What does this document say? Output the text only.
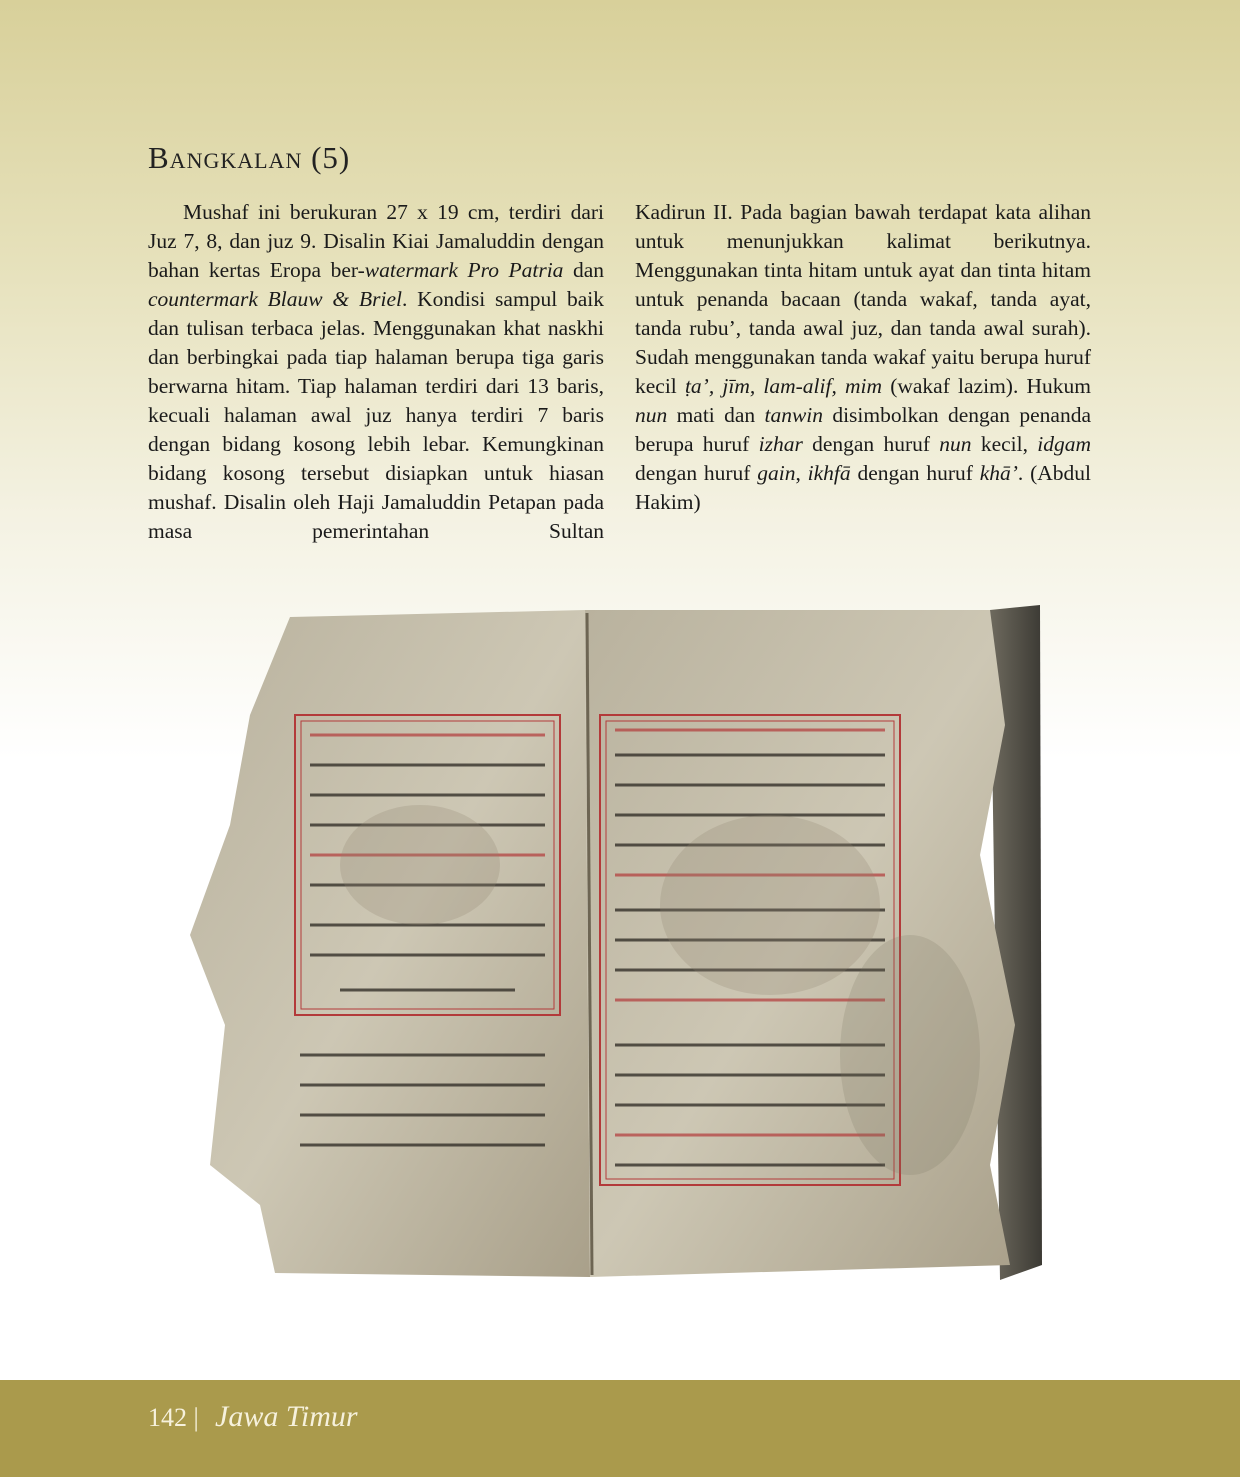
Bangkalan (5)

Mushaf ini berukuran 27 x 19 cm, terdiri dari Juz 7, 8, dan juz 9. Disalin Kiai Jamaluddin dengan bahan kertas Eropa ber-watermark Pro Patria dan countermark Blauw & Briel. Kondisi sampul baik dan tulisan terbaca jelas. Menggunakan khat naskhi dan berbingkai pada tiap halaman berupa tiga garis berwarna hitam. Tiap halaman terdiri dari 13 baris, kecuali halaman awal juz hanya terdiri 7 baris dengan bidang kosong lebih lebar. Kemungkinan bidang kosong tersebut disiapkan untuk hiasan mushaf. Disalin oleh Haji Jamaluddin Petapan pada masa pemerintahan Sultan

Kadirun II. Pada bagian bawah terdapat kata alihan untuk menunjukkan kalimat berikutnya. Menggunakan tinta hitam untuk ayat dan tinta hitam untuk penanda bacaan (tanda wakaf, tanda ayat, tanda rubu’, tanda awal juz, dan tanda awal surah). Sudah menggunakan tanda wakaf yaitu berupa huruf kecil ṭa’, jīm, lam-alif, mim (wakaf lazim). Hukum nun mati dan tanwin disimbolkan dengan penanda berupa huruf izhar dengan huruf nun kecil, idgam dengan huruf gain, ikhfā dengan huruf khā’. (Abdul Hakim)

142 | Jawa Timur
